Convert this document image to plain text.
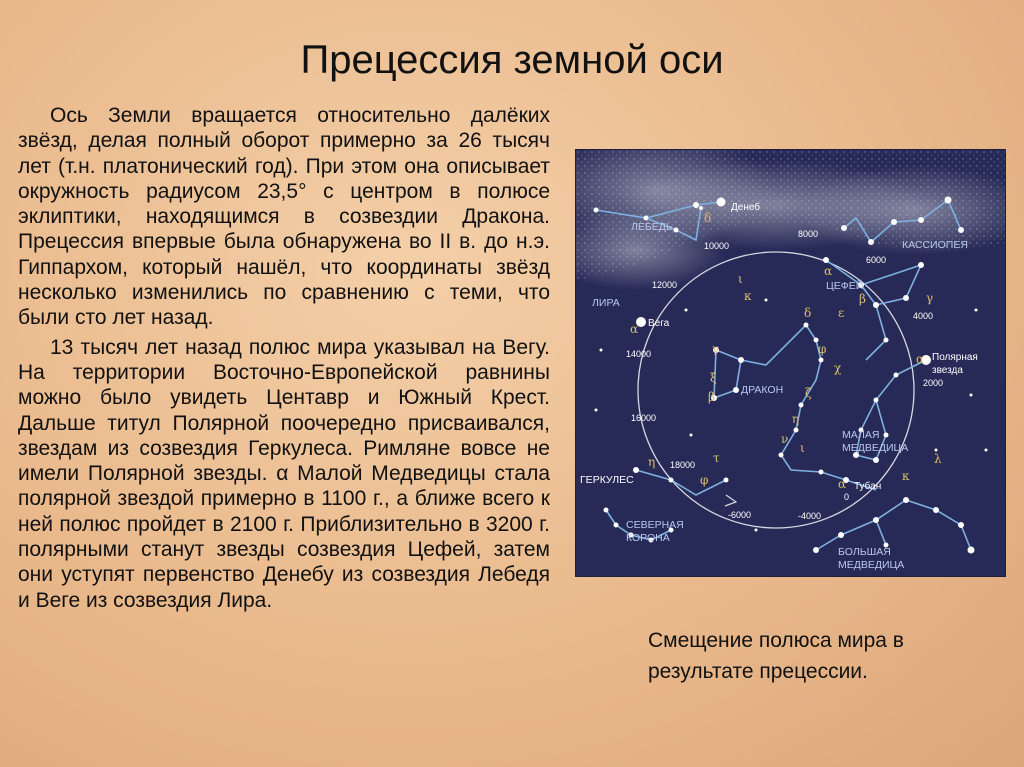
Прецессия земной оси

Ось Земли вращается относительно далёких звёзд, делая полный оборот примерно за 26 тысяч лет (т.н. платонический год). При этом она описывает окружность радиусом 23,5° с центром в полюсе эклиптики, находящимся в созвездии Дракона. Прецессия впервые была обнаружена во II в. до н.э. Гиппархом, который нашёл, что координаты звёзд несколько изменились по сравнению с теми, что были сто лет назад.

13 тысяч лет назад полюс мира указывал на Вегу. На территории Восточно-Европейской равнины можно было увидеть Центавр и Южный Крест. Дальше титул Полярной поочередно присваивался, звездам из созвездия Геркулеса. Римляне вовсе не имели Полярной звезды. α Малой Медведицы стала полярной звездой примерно в 1100 г., а ближе всего к ней полюс пройдет в 2100 г. Приблизительно в 3200 г. полярными станут звезды созвездия Цефей, затем они уступят первенство Денебу из созвездия Лебедя и Веге из созвездия Лира.

ЛЕБЕДЬ
КАССИОПЕЯ
ЦЕФЕЙ
ЛИРА
ДРАКОН
МАЛАЯ
МЕДВЕДИЦА
ГЕРКУЛЕС
СЕВЕРНАЯ
КОРОНА
БОЛЬШАЯ
МЕДВЕДИЦА
Денеб
Вега
Полярная
звезда
Тубан
8000
10000
6000
12000
4000
14000
2000
16000
18000
-6000	-4000
0
δ
ι
κ
α
β	γ
α
γ
ξ
β
δ ε
φ
χ
ζ
η
ν
ι
η	τ
φ
α
λ
α
κ
Смещение полюса мира в результате прецессии.
